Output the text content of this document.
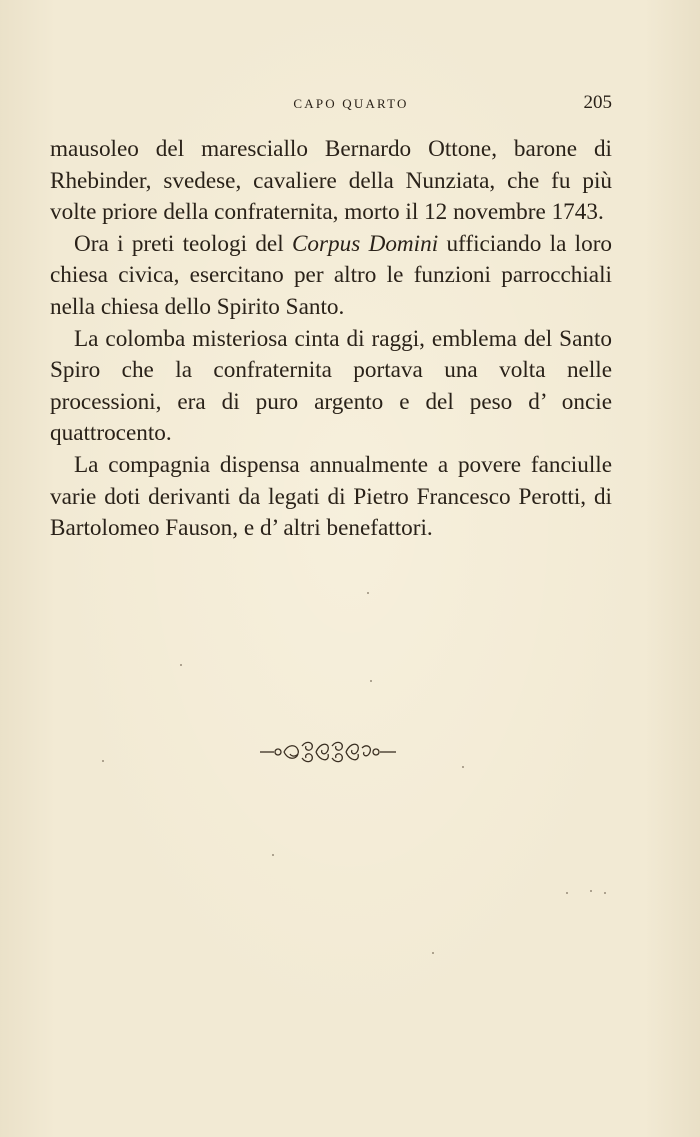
CAPO QUARTO	205

mausoleo del maresciallo Bernardo Ottone, barone di Rhebinder, svedese, cavaliere della Nunziata, che fu più volte priore della confraternita, morto il 12 novembre 1743.

Ora i preti teologi del Corpus Domini ufficiando la loro chiesa civica, esercitano per altro le funzioni parrocchiali nella chiesa dello Spirito Santo.

La colomba misteriosa cinta di raggi, emblema del Santo Spiro che la confraternita portava una volta nelle processioni, era di puro argento e del peso d’ oncie quattrocento.

La compagnia dispensa annualmente a povere fanciulle varie doti derivanti da legati di Pietro Francesco Perotti, di Bartolomeo Fauson, e d’ altri benefattori.
